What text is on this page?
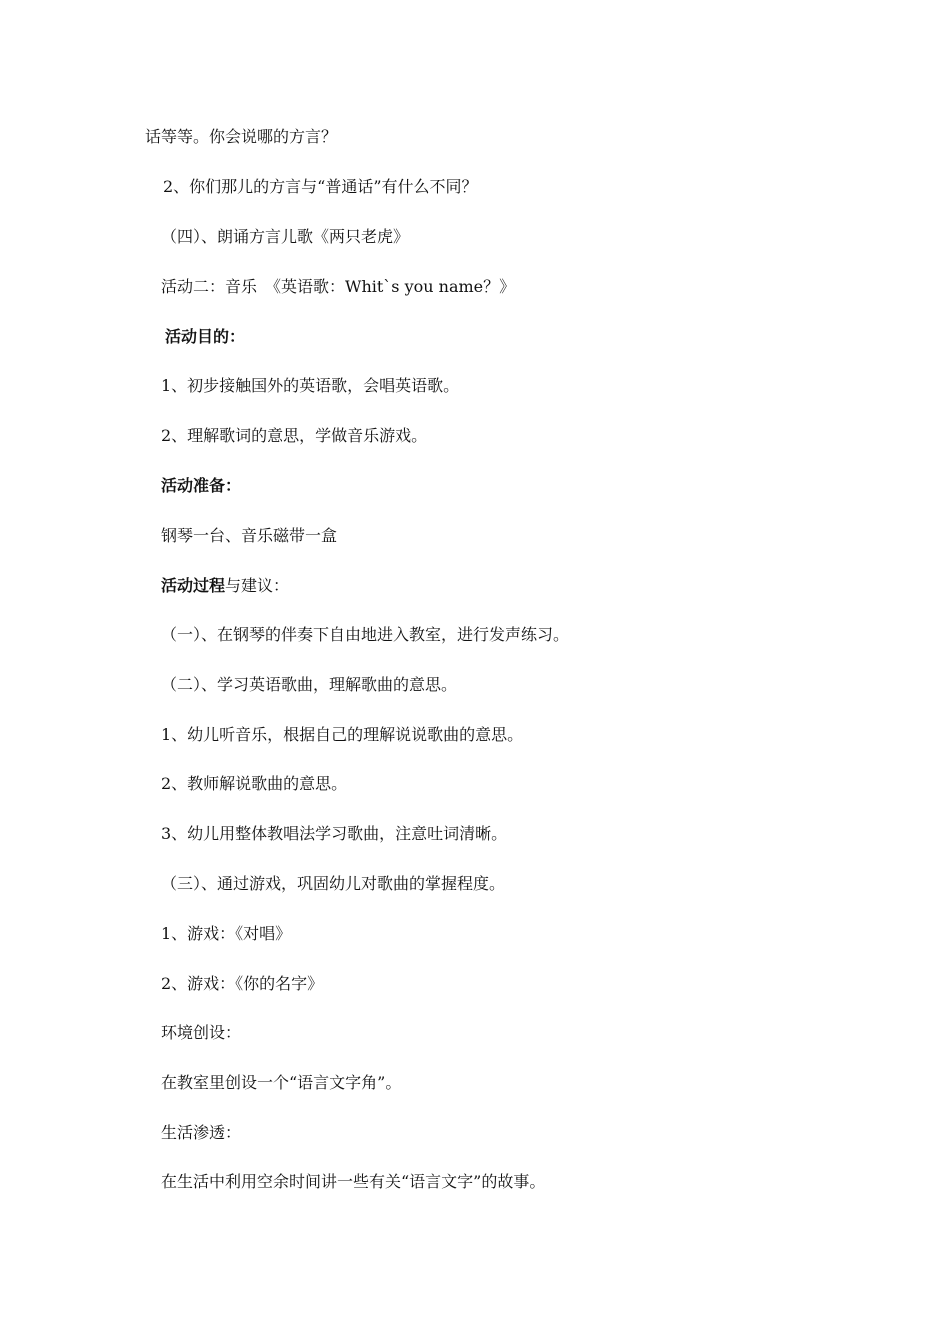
话等等。你会说哪的方言？
2、你们那儿的方言与“普通话”有什么不同？
（四）、朗诵方言儿歌《两只老虎》
活动二：音乐　《英语歌：Whit`s you name？》
活动目的：
1、初步接触国外的英语歌，会唱英语歌。
2、理解歌词的意思，学做音乐游戏。
活动准备：
钢琴一台、音乐磁带一盒
活动过程与建议：
（一）、在钢琴的伴奏下自由地进入教室，进行发声练习。
（二）、学习英语歌曲，理解歌曲的意思。
1、幼儿听音乐，根据自己的理解说说歌曲的意思。
2、教师解说歌曲的意思。
3、幼儿用整体教唱法学习歌曲，注意吐词清晰。
（三）、通过游戏，巩固幼儿对歌曲的掌握程度。
1、游戏：《对唱》
2、游戏：《你的名字》
环境创设：
在教室里创设一个“语言文字角”。
生活渗透：
在生活中利用空余时间讲一些有关“语言文字”的故事。
